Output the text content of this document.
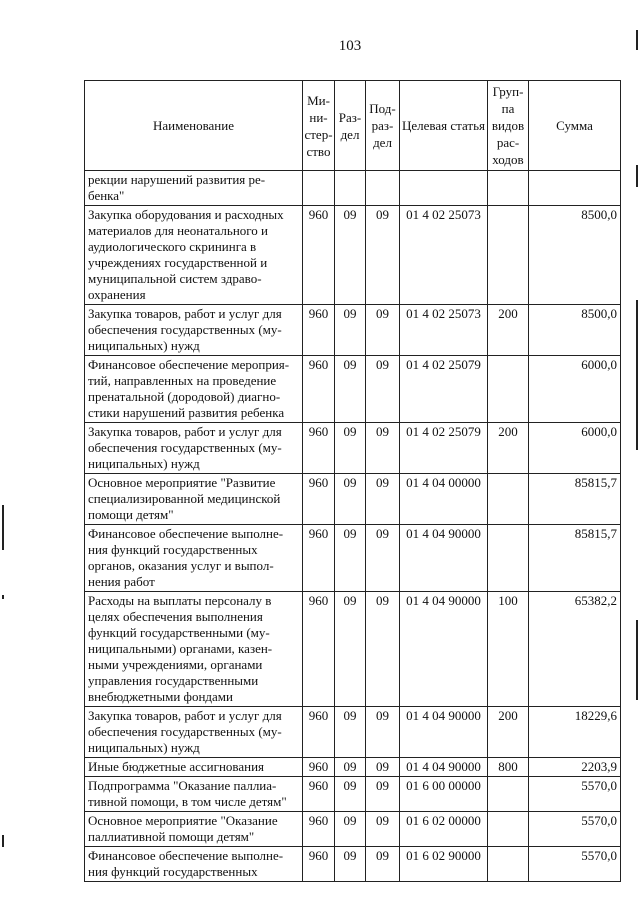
103
Наименование	Ми-ни-стер-ство	Раз-дел	Под-раз-дел	Целевая статья	Груп-па видов рас-ходов	Сумма
рекции нарушений развития ре-бенка"						
Закупка оборудования и расходных материалов для неонатального и аудиологического скрининга в учреждениях государственной и муниципальной систем здраво-охранения	960	09	09	01 4 02 25073		8500,0
Закупка товаров, работ и услуг для обеспечения государственных (му-ниципальных) нужд	960	09	09	01 4 02 25073	200	8500,0
Финансовое обеспечение мероприя-тий, направленных на проведение пренатальной (дородовой) диагно-стики нарушений развития ребенка	960	09	09	01 4 02 25079		6000,0
Закупка товаров, работ и услуг для обеспечения государственных (му-ниципальных) нужд	960	09	09	01 4 02 25079	200	6000,0
Основное мероприятие "Развитие специализированной медицинской помощи детям"	960	09	09	01 4 04 00000		85815,7
Финансовое обеспечение выполне-ния функций государственных органов, оказания услуг и выпол-нения работ	960	09	09	01 4 04 90000		85815,7
Расходы на выплаты персоналу в целях обеспечения выполнения функций государственными (му-ниципальными) органами, казен-ными учреждениями, органами управления государственными внебюджетными фондами	960	09	09	01 4 04 90000	100	65382,2
Закупка товаров, работ и услуг для обеспечения государственных (му-ниципальных) нужд	960	09	09	01 4 04 90000	200	18229,6
Иные бюджетные ассигнования	960	09	09	01 4 04 90000	800	2203,9
Подпрограмма "Оказание паллиа-тивной помощи, в том числе детям"	960	09	09	01 6 00 00000		5570,0
Основное мероприятие "Оказание паллиативной помощи детям"	960	09	09	01 6 02 00000		5570,0
Финансовое обеспечение выполне-ния функций государственных	960	09	09	01 6 02 90000		5570,0
